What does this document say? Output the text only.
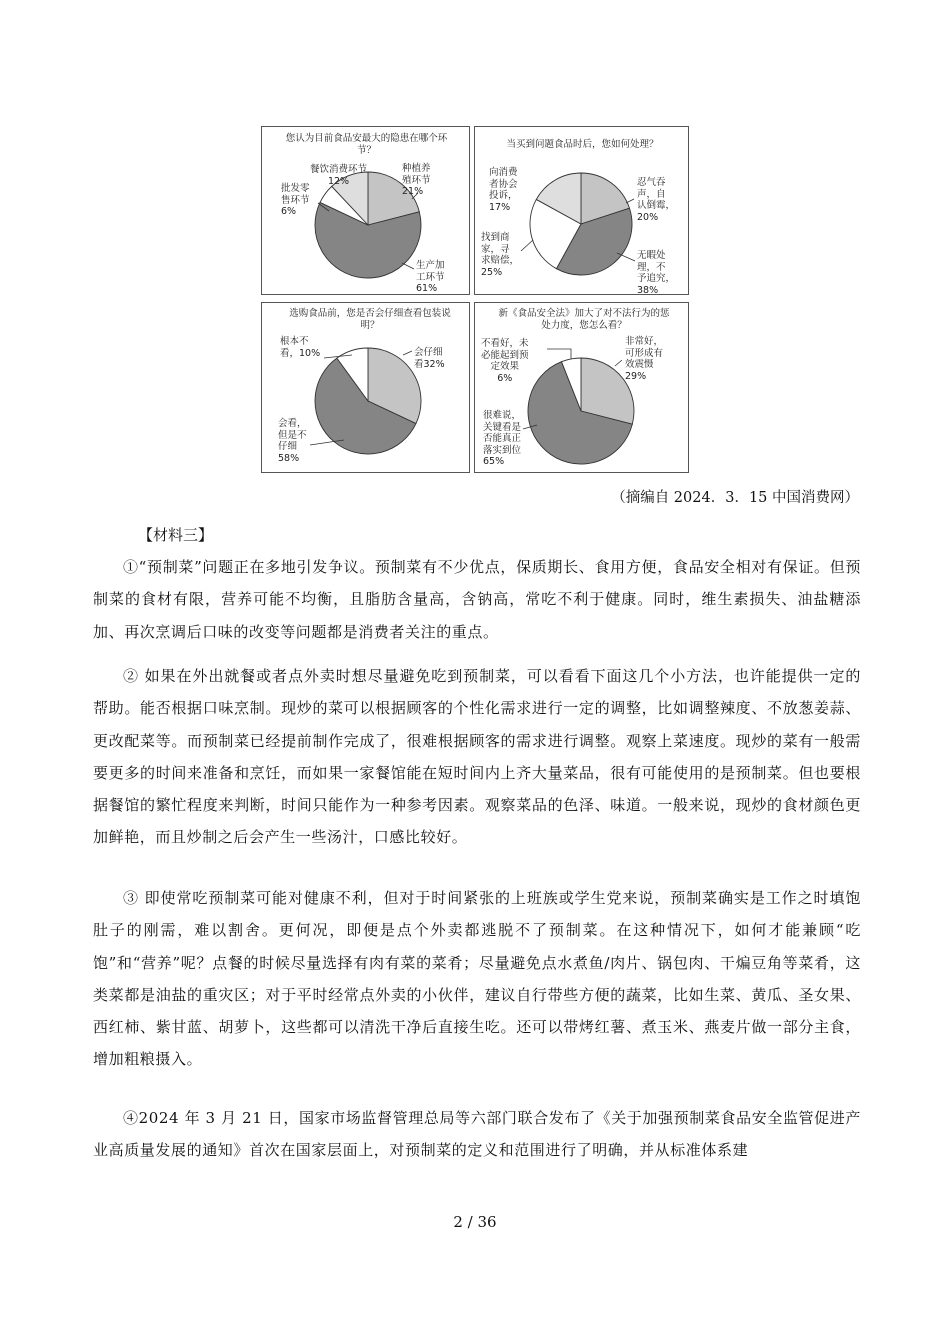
您认为目前食品安最大的隐患在哪个环节？
种植养
殖环节
21%
生产加
工环节
61%
批发零
售环节
6%
餐饮消费环节
12%
当买到问题食品时后，您如何处理？
忍气吞
声，自
认倒霉，
20%
无暇处
理，不
予追究，
38%
找到商
家，寻
求赔偿，
25%
向消费
者协会
投诉，
17%
选购食品前，您是否会仔细查看包装说明？
会仔细
看32%
会看，
但是不
仔细
58%
根本不
看，10%
新《食品安全法》加大了对不法行为的惩处力度，您怎么看？
非常好，
可形成有
效震慑
29%
很难说，
关键看是
否能真正
落实到位
65%
不看好，未
必能起到预
定效果
6%
（摘编自 2024．3．15 中国消费网）
【材料三】
①“预制菜”问题正在多地引发争议。预制菜有不少优点，保质期长、食用方便，食品安全相对有保证。但预制菜的食材有限，营养可能不均衡，且脂肪含量高，含钠高，常吃不利于健康。同时，维生素损失、油盐糖添加、再次烹调后口味的改变等问题都是消费者关注的重点。
② 如果在外出就餐或者点外卖时想尽量避免吃到预制菜，可以看看下面这几个小方法，也许能提供一定的帮助。能否根据口味烹制。现炒的菜可以根据顾客的个性化需求进行一定的调整，比如调整辣度、不放葱姜蒜、更改配菜等。而预制菜已经提前制作完成了，很难根据顾客的需求进行调整。观察上菜速度。现炒的菜有一般需要更多的时间来准备和烹饪，而如果一家餐馆能在短时间内上齐大量菜品，很有可能使用的是预制菜。但也要根据餐馆的繁忙程度来判断，时间只能作为一种参考因素。观察菜品的色泽、味道。一般来说，现炒的食材颜色更加鲜艳，而且炒制之后会产生一些汤汁，口感比较好。
③ 即使常吃预制菜可能对健康不利，但对于时间紧张的上班族或学生党来说，预制菜确实是工作之时填饱肚子的刚需，难以割舍。更何况，即便是点个外卖都逃脱不了预制菜。在这种情况下，如何才能兼顾“吃饱”和“营养”呢？点餐的时候尽量选择有肉有菜的菜肴；尽量避免点水煮鱼/肉片、锅包肉、干煸豆角等菜肴，这类菜都是油盐的重灾区；对于平时经常点外卖的小伙伴，建议自行带些方便的蔬菜，比如生菜、黄瓜、圣女果、西红柿、紫甘蓝、胡萝卜，这些都可以清洗干净后直接生吃。还可以带烤红薯、煮玉米、燕麦片做一部分主食，增加粗粮摄入。
④2024 年 3 月 21 日，国家市场监督管理总局等六部门联合发布了《关于加强预制菜食品安全监管促进产业高质量发展的通知》首次在国家层面上，对预制菜的定义和范围进行了明确，并从标准体系建
2 / 36
